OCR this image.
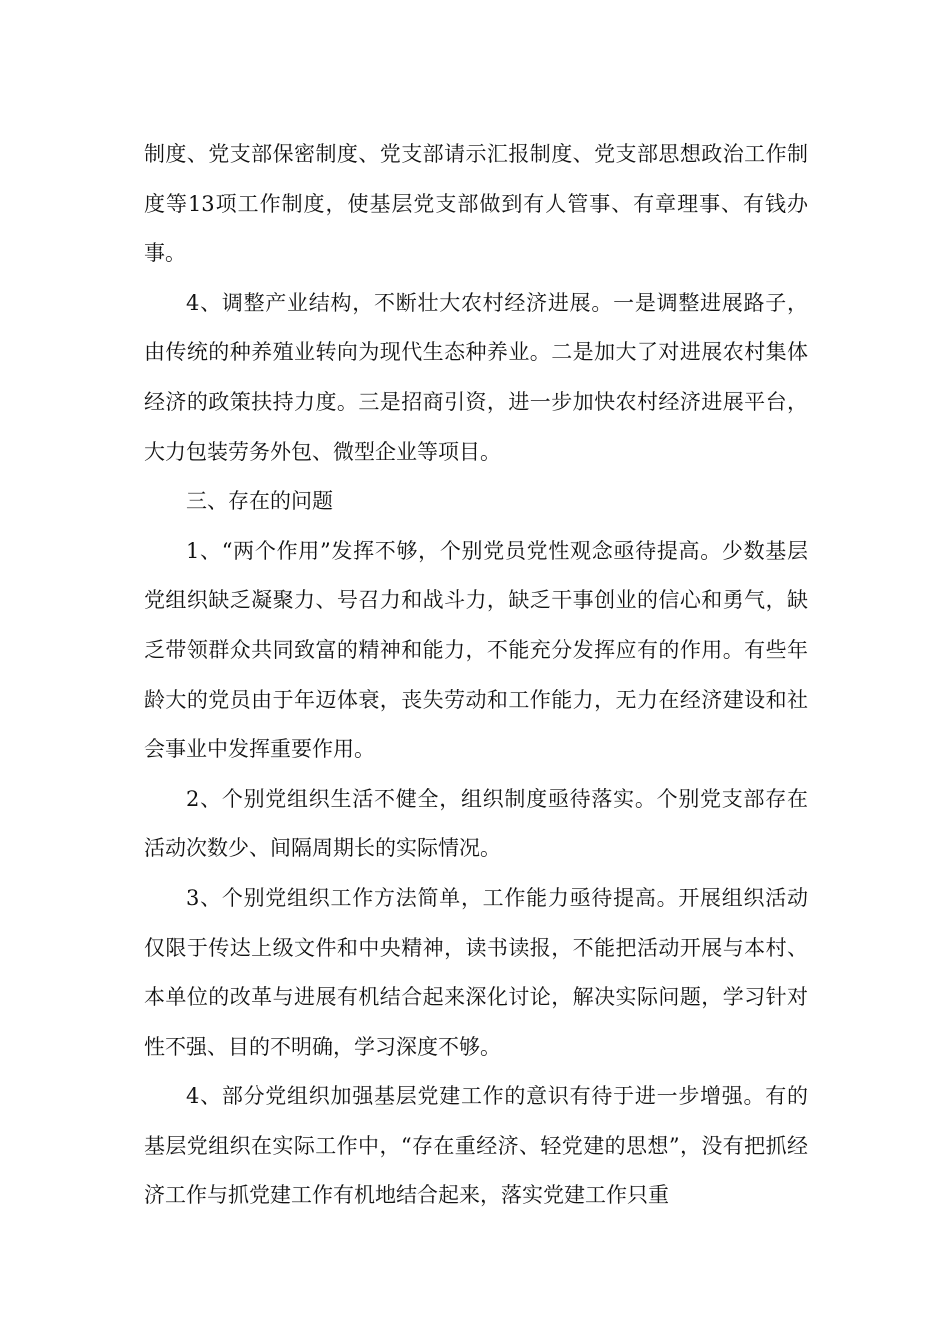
制度、党支部保密制度、党支部请示汇报制度、党支部思想政治工作制度等13项工作制度，使基层党支部做到有人管事、有章理事、有钱办事。

4、调整产业结构，不断壮大农村经济进展。一是调整进展路子，由传统的种养殖业转向为现代生态种养业。二是加大了对进展农村集体经济的政策扶持力度。三是招商引资，进一步加快农村经济进展平台，大力包装劳务外包、微型企业等项目。

三、存在的问题

1、“两个作用”发挥不够，个别党员党性观念亟待提高。少数基层党组织缺乏凝聚力、号召力和战斗力，缺乏干事创业的信心和勇气，缺乏带领群众共同致富的精神和能力，不能充分发挥应有的作用。有些年龄大的党员由于年迈体衰，丧失劳动和工作能力，无力在经济建设和社会事业中发挥重要作用。

2、个别党组织生活不健全，组织制度亟待落实。个别党支部存在活动次数少、间隔周期长的实际情况。

3、个别党组织工作方法简单，工作能力亟待提高。开展组织活动仅限于传达上级文件和中央精神，读书读报，不能把活动开展与本村、本单位的改革与进展有机结合起来深化讨论，解决实际问题，学习针对性不强、目的不明确，学习深度不够。

4、部分党组织加强基层党建工作的意识有待于进一步增强。有的基层党组织在实际工作中，“存在重经济、轻党建的思想”，没有把抓经济工作与抓党建工作有机地结合起来，落实党建工作只重
